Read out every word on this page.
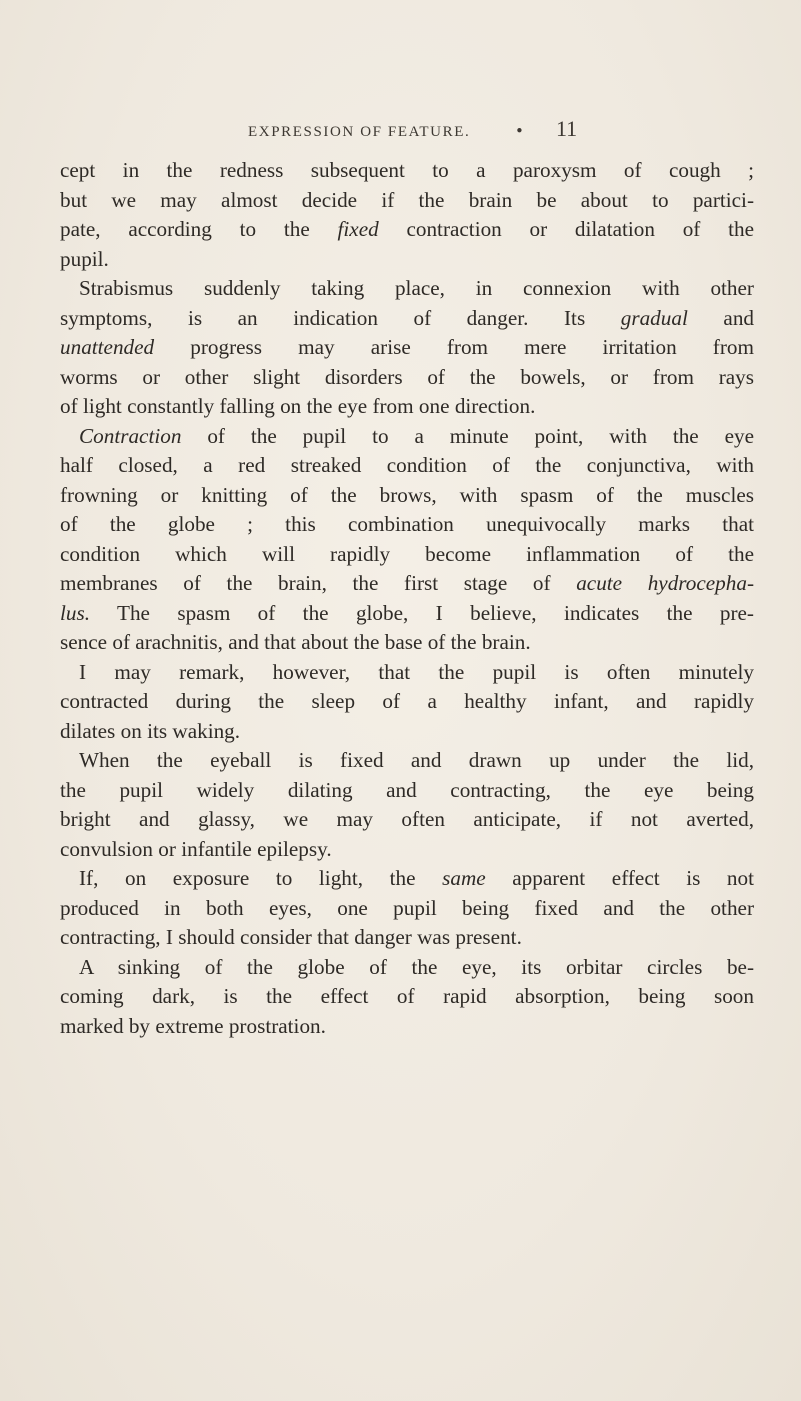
EXPRESSION OF FEATURE.	• 11
cept in the redness subsequent to a paroxysm of cough ;
but we may almost decide if the brain be about to partici-
pate, according to the fixed contraction or dilatation of the
pupil.
Strabismus suddenly taking place, in connexion with other
symptoms, is an indication of danger. Its gradual and
unattended progress may arise from mere irritation from
worms or other slight disorders of the bowels, or from rays
of light constantly falling on the eye from one direction.
Contraction of the pupil to a minute point, with the eye
half closed, a red streaked condition of the conjunctiva, with
frowning or knitting of the brows, with spasm of the muscles
of the globe ; this combination unequivocally marks that
condition which will rapidly become inflammation of the
membranes of the brain, the first stage of acute hydrocepha-
lus. The spasm of the globe, I believe, indicates the pre-
sence of arachnitis, and that about the base of the brain.
I may remark, however, that the pupil is often minutely
contracted during the sleep of a healthy infant, and rapidly
dilates on its waking.
When the eyeball is fixed and drawn up under the lid,
the pupil widely dilating and contracting, the eye being
bright and glassy, we may often anticipate, if not averted,
convulsion or infantile epilepsy.
If, on exposure to light, the same apparent effect is not
produced in both eyes, one pupil being fixed and the other
contracting, I should consider that danger was present.
A sinking of the globe of the eye, its orbitar circles be-
coming dark, is the effect of rapid absorption, being soon
marked by extreme prostration.
